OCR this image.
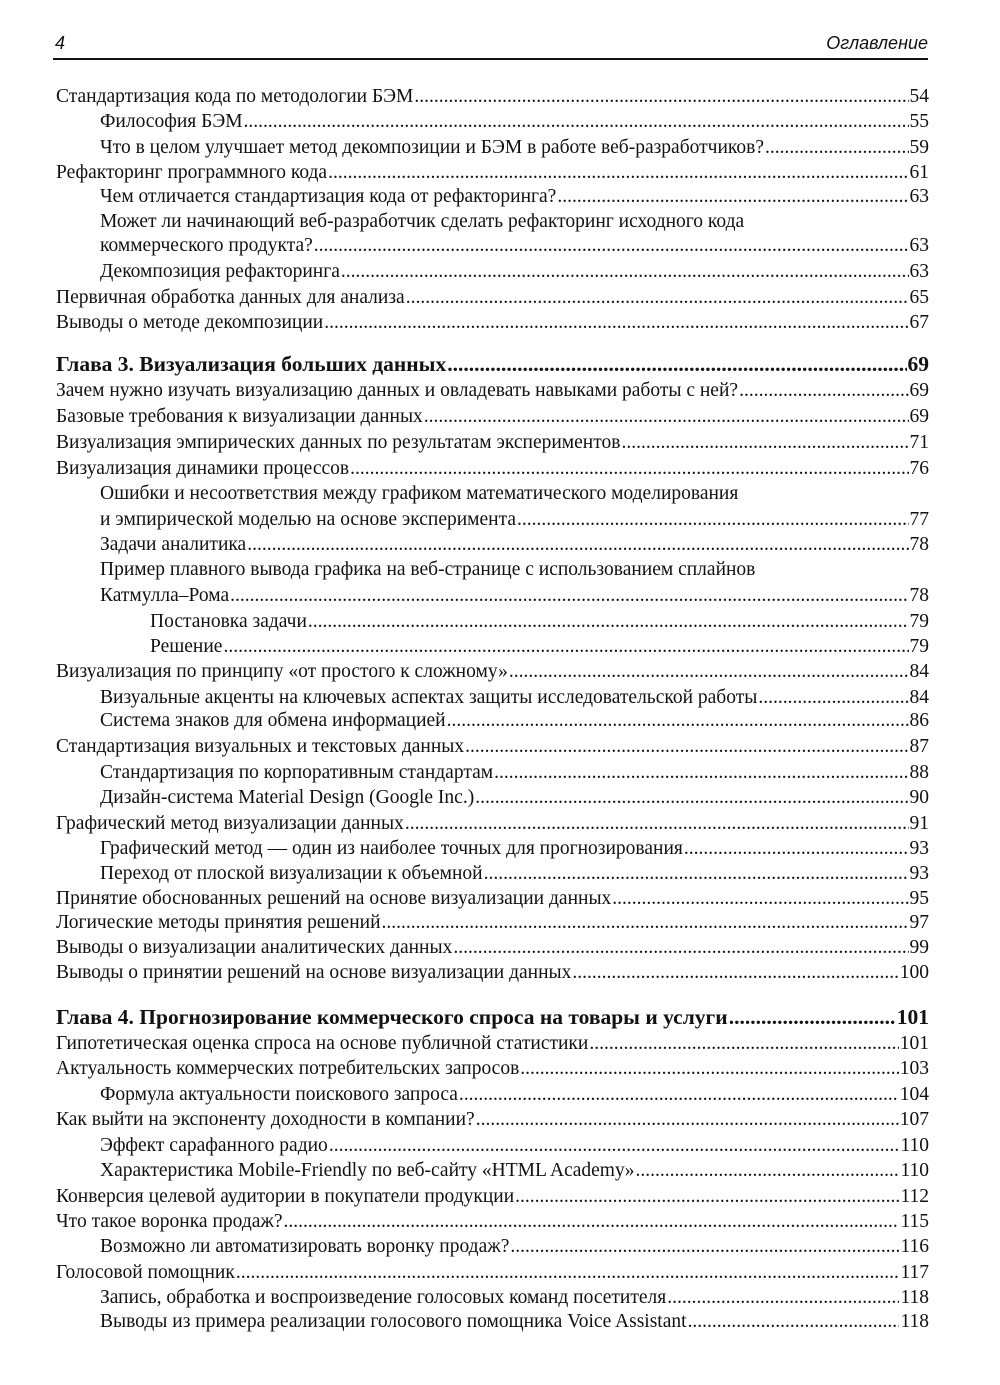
4	Оглавление
Стандартизация кода по методологии БЭМ .....	54
Философия БЭМ .....	55
Что в целом улучшает метод декомпозиции и БЭМ в работе веб-разработчиков? .....	59
Рефакторинг программного кода .....	61
Чем отличается стандартизация кода от рефакторинга? .....	63
Может ли начинающий веб-разработчик сделать рефакторинг исходного кода
коммерческого продукта? .....	63
Декомпозиция рефакторинга .....	63
Первичная обработка данных для анализа .....	65
Выводы о методе декомпозиции .....	67
Глава 3. Визуализация больших данных .....	69
Зачем нужно изучать визуализацию данных и овладевать навыками работы с ней? .....	69
Базовые требования к визуализации данных .....	69
Визуализация эмпирических данных по результатам экспериментов .....	71
Визуализация динамики процессов .....	76
Ошибки и несоответствия между графиком математического моделирования
и эмпирической моделью на основе эксперимента .....	77
Задачи аналитика .....	78
Пример плавного вывода графика на веб-странице с использованием сплайнов
Катмулла–Рома .....	78
Постановка задачи .....	79
Решение .....	79
Визуализация по принципу «от простого к сложному» .....	84
Визуальные акценты на ключевых аспектах защиты исследовательской работы .....	84
Система знаков для обмена информацией .....	86
Стандартизация визуальных и текстовых данных .....	87
Стандартизация по корпоративным стандартам .....	88
Дизайн-система Material Design (Google Inc.) .....	90
Графический метод визуализации данных .....	91
Графический метод — один из наиболее точных для прогнозирования .....	93
Переход от плоской визуализации к объемной .....	93
Принятие обоснованных решений на основе визуализации данных .....	95
Логические методы принятия решений .....	97
Выводы о визуализации аналитических данных .....	99
Выводы о принятии решений на основе визуализации данных .....	100
Глава 4. Прогнозирование коммерческого спроса на товары и услуги .....	101
Гипотетическая оценка спроса на основе публичной статистики .....	101
Актуальность коммерческих потребительских запросов .....	103
Формула актуальности поискового запроса .....	104
Как выйти на экспоненту доходности в компании? .....	107
Эффект сарафанного радио .....	110
Характеристика Mobile-Friendly по веб-сайту «HTML Academy» .....	110
Конверсия целевой аудитории в покупатели продукции .....	112
Что такое воронка продаж? .....	115
Возможно ли автоматизировать воронку продаж? .....	116
Голосовой помощник .....	117
Запись, обработка и воспроизведение голосовых команд посетителя .....	118
Выводы из примера реализации голосового помощника Voice Assistant .....	118
